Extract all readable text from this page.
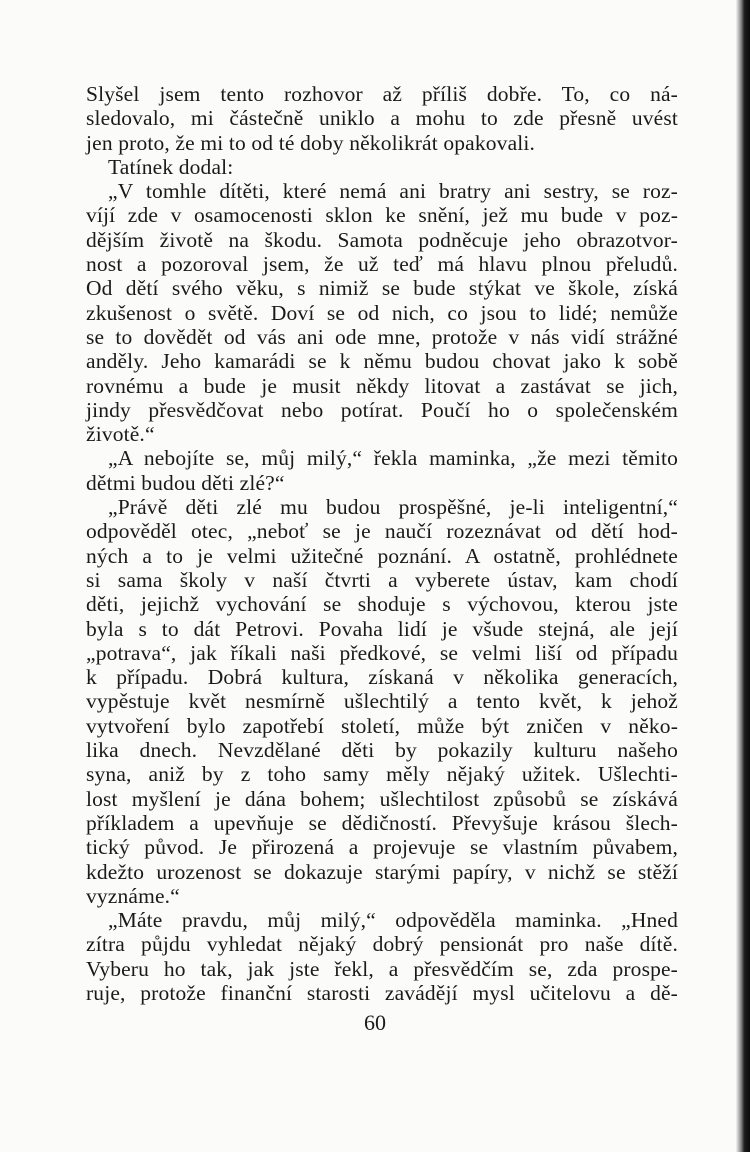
Slyšel jsem tento rozhovor až příliš dobře. To, co ná-
sledovalo, mi částečně uniklo a mohu to zde přesně uvést
jen proto, že mi to od té doby několikrát opakovali.
Tatínek dodal:
„V tomhle dítěti, které nemá ani bratry ani sestry, se roz-
víjí zde v osamocenosti sklon ke snění, jež mu bude v poz-
dějším životě na škodu. Samota podněcuje jeho obrazotvor-
nost a pozoroval jsem, že už teď má hlavu plnou přeludů.
Od dětí svého věku, s nimiž se bude stýkat ve škole, získá
zkušenost o světě. Doví se od nich, co jsou to lidé; nemůže
se to dovědět od vás ani ode mne, protože v nás vidí strážné
anděly. Jeho kamarádi se k němu budou chovat jako k sobě
rovnému a bude je musit někdy litovat a zastávat se jich,
jindy přesvědčovat nebo potírat. Poučí ho o společenském
životě.“
„A nebojíte se, můj milý,“ řekla maminka, „že mezi těmito
dětmi budou děti zlé?“
„Právě děti zlé mu budou prospěšné, je-li inteligentní,“
odpověděl otec, „neboť se je naučí rozeznávat od dětí hod-
ných a to je velmi užitečné poznání. A ostatně, prohlédnete
si sama školy v naší čtvrti a vyberete ústav, kam chodí
děti, jejichž vychování se shoduje s výchovou, kterou jste
byla s to dát Petrovi. Povaha lidí je všude stejná, ale její
„potrava“, jak říkali naši předkové, se velmi liší od případu
k případu. Dobrá kultura, získaná v několika generacích,
vypěstuje květ nesmírně ušlechtilý a tento květ, k jehož
vytvoření bylo zapotřebí století, může být zničen v něko-
lika dnech. Nevzdělané děti by pokazily kulturu našeho
syna, aniž by z toho samy měly nějaký užitek. Ušlechti-
lost myšlení je dána bohem; ušlechtilost způsobů se získává
příkladem a upevňuje se dědičností. Převyšuje krásou šlech-
tický původ. Je přirozená a projevuje se vlastním půvabem,
kdežto urozenost se dokazuje starými papíry, v nichž se stěží
vyznáme.“
„Máte pravdu, můj milý,“ odpověděla maminka. „Hned
zítra půjdu vyhledat nějaký dobrý pensionát pro naše dítě.
Vyberu ho tak, jak jste řekl, a přesvědčím se, zda prospe-
ruje, protože finanční starosti zavádějí mysl učitelovu a dě-
60
